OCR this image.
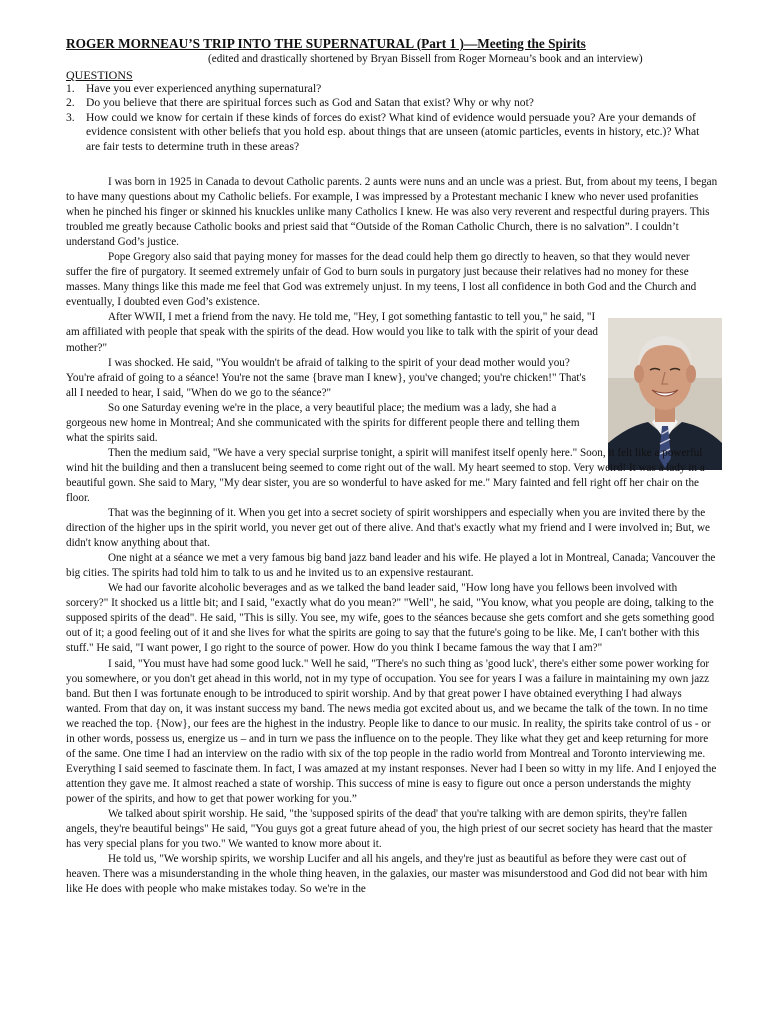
ROGER MORNEAU’S TRIP INTO THE SUPERNATURAL (Part 1 )—Meeting the Spirits
(edited and drastically shortened by Bryan Bissell from Roger Morneau’s book and an interview)
QUESTIONS
1. Have you ever experienced anything supernatural?
2. Do you believe that there are spiritual forces such as God and Satan that exist? Why or why not?
3. How could we know for certain if these kinds of forces do exist? What kind of evidence would persuade you? Are your demands of evidence consistent with other beliefs that you hold esp. about things that are unseen (atomic particles, events in history, etc.)? What are fair tests to determine truth in these areas?

I was born in 1925 in Canada to devout Catholic parents. 2 aunts were nuns and an uncle was a priest. But, from about my teens, I began to have many questions about my Catholic beliefs. For example, I was impressed by a Protestant mechanic I knew who never used profanities when he pinched his finger or skinned his knuckles unlike many Catholics I knew. He was also very reverent and respectful during prayers. This troubled me greatly because Catholic books and priest said that “Outside of the Roman Catholic Church, there is no salvation”. I couldn’t understand God’s justice.

Pope Gregory also said that paying money for masses for the dead could help them go directly to heaven, so that they would never suffer the fire of purgatory. It seemed extremely unfair of God to burn souls in purgatory just because their relatives had no money for these masses. Many things like this made me feel that God was extremely unjust. In my teens, I lost all confidence in both God and the Church and eventually, I doubted even God’s existence.

After WWII, I met a friend from the navy. He told me, "Hey, I got something fantastic to tell you," he said, "I am affiliated with people that speak with the spirits of the dead. How would you like to talk with the spirit of your dead mother?"

I was shocked. He said, "You wouldn't be afraid of talking to the spirit of your dead mother would you? You're afraid of going to a séance! You're not the same {brave man I knew}, you've changed; you're chicken!" That's all I needed to hear, I said, "When do we go to the séance?"

So one Saturday evening we're in the place, a very beautiful place; the medium was a lady, she had a gorgeous new home in Montreal; And she communicated with the spirits for different people there and telling them what the spirits said.

Then the medium said, "We have a very special surprise tonight, a spirit will manifest itself openly here." Soon, it felt like a powerful wind hit the building and then a translucent being seemed to come right out of the wall. My heart seemed to stop. Very weird! It was a lady in a beautiful gown. She said to Mary, "My dear sister, you are so wonderful to have asked for me." Mary fainted and fell right off her chair on the floor.

That was the beginning of it. When you get into a secret society of spirit worshippers and especially when you are invited there by the direction of the higher ups in the spirit world, you never get out of there alive. And that's exactly what my friend and I were involved in; But, we didn't know anything about that.

One night at a séance we met a very famous big band jazz band leader and his wife. He played a lot in Montreal, Canada; Vancouver the big cities. The spirits had told him to talk to us and he invited us to an expensive restaurant.

We had our favorite alcoholic beverages and as we talked the band leader said, "How long have you fellows been involved with sorcery?" It shocked us a little bit; and I said, "exactly what do you mean?" "Well", he said, "You know, what you people are doing, talking to the supposed spirits of the dead". He said, "This is silly. You see, my wife, goes to the séances because she gets comfort and she gets something good out of it; a good feeling out of it and she lives for what the spirits are going to say that the future's going to be like. Me, I can't bother with this stuff." He said, "I want power, I go right to the source of power. How do you think I became famous the way that I am?"

I said, "You must have had some good luck." Well he said, "There's no such thing as 'good luck', there's either some power working for you somewhere, or you don't get ahead in this world, not in my type of occupation. You see for years I was a failure in maintaining my own jazz band. But then I was fortunate enough to be introduced to spirit worship. And by that great power I have obtained everything I had always wanted. From that day on, it was instant success my band. The news media got excited about us, and we became the talk of the town. In no time we reached the top. {Now}, our fees are the highest in the industry. People like to dance to our music. In reality, the spirits take control of us - or in other words, possess us, energize us – and in turn we pass the influence on to the people. They like what they get and keep returning for more of the same. One time I had an interview on the radio with six of the top people in the radio world from Montreal and Toronto interviewing me. Everything I said seemed to fascinate them. In fact, I was amazed at my instant responses. Never had I been so witty in my life. And I enjoyed the attention they gave me. It almost reached a state of worship. This success of mine is easy to figure out once a person understands the mighty power of the spirits, and how to get that power working for you.”

We talked about spirit worship. He said, "the 'supposed spirits of the dead' that you're talking with are demon spirits, they're fallen angels, they're beautiful beings" He said, "You guys got a great future ahead of you, the high priest of our secret society has heard that the master has very special plans for you two." We wanted to know more about it.

He told us, "We worship spirits, we worship Lucifer and all his angels, and they're just as beautiful as before they were cast out of heaven. There was a misunderstanding in the whole thing heaven, in the galaxies, our master was misunderstood and God did not bear with him like He does with people who make mistakes today. So we're in the
